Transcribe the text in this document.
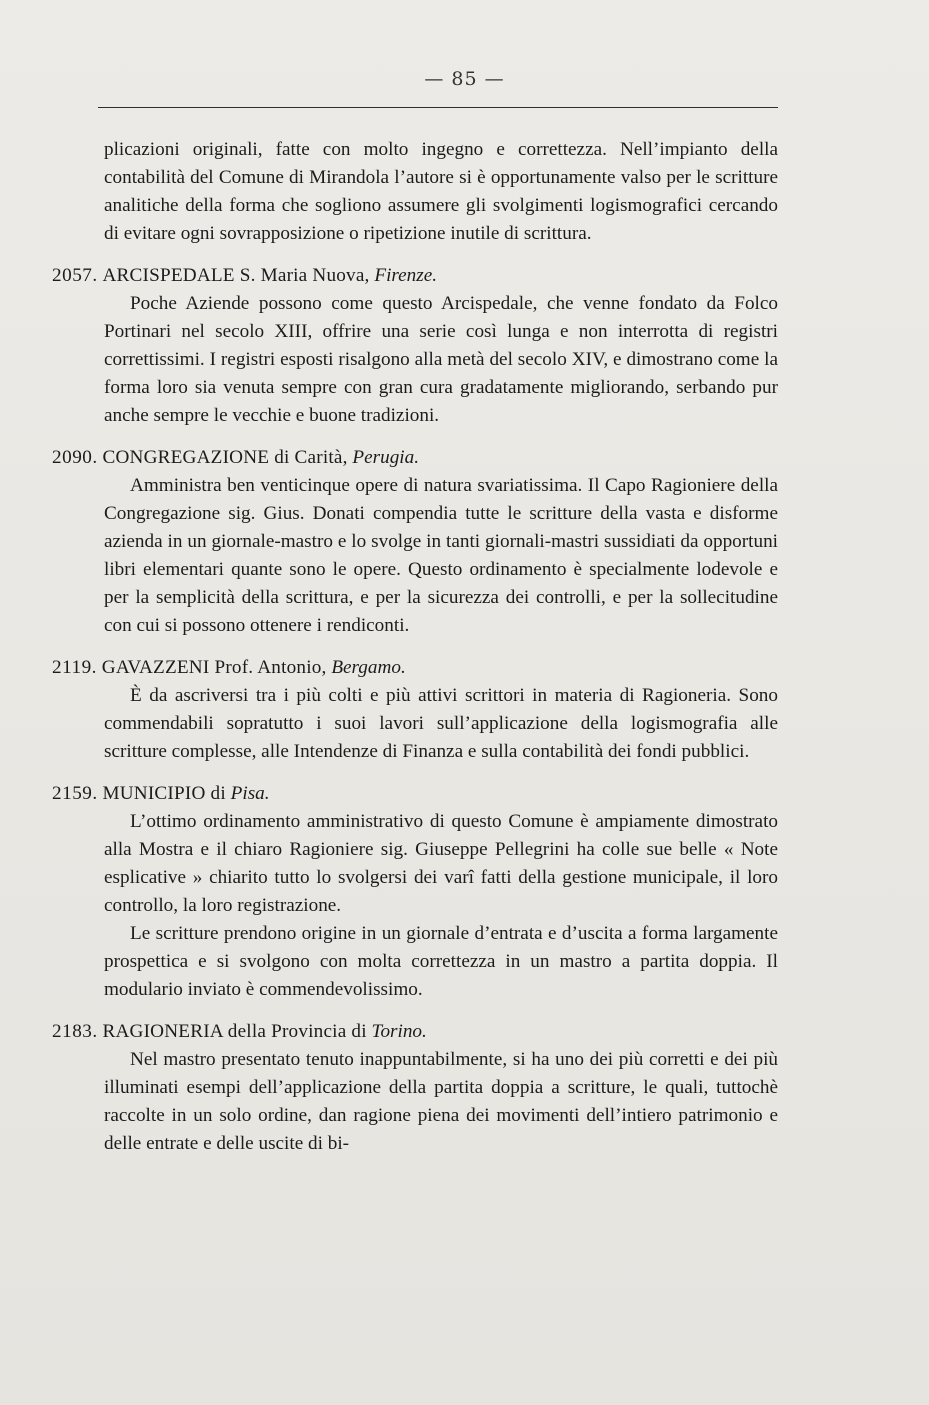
— 85 —

plicazioni originali, fatte con molto ingegno e correttezza. Nell’impianto della contabilità del Comune di Mirandola l’autore si è opportunamente valso per le scritture analitiche della forma che sogliono assumere gli svolgimenti logismografici cercando di evitare ogni sovrapposizione o ripetizione inutile di scrittura.

2057. ARCISPEDALE S. Maria Nuova, Firenze.

Poche Aziende possono come questo Arcispedale, che venne fondato da Folco Portinari nel secolo XIII, offrire una serie così lunga e non interrotta di registri correttissimi. I registri esposti risalgono alla metà del secolo XIV, e dimostrano come la forma loro sia venuta sempre con gran cura gradatamente migliorando, serbando pur anche sempre le vecchie e buone tradizioni.

2090. CONGREGAZIONE di Carità, Perugia.

Amministra ben venticinque opere di natura svariatissima. Il Capo Ragioniere della Congregazione sig. Gius. Donati compendia tutte le scritture della vasta e disforme azienda in un giornale-mastro e lo svolge in tanti giornali-mastri sussidiati da opportuni libri elementari quante sono le opere. Questo ordinamento è specialmente lodevole e per la semplicità della scrittura, e per la sicurezza dei controlli, e per la sollecitudine con cui si possono ottenere i rendiconti.

2119. GAVAZZENI Prof. Antonio, Bergamo.

È da ascriversi tra i più colti e più attivi scrittori in materia di Ragioneria. Sono commendabili sopratutto i suoi lavori sull’applicazione della logismografia alle scritture complesse, alle Intendenze di Finanza e sulla contabilità dei fondi pubblici.

2159. MUNICIPIO di Pisa.

L’ottimo ordinamento amministrativo di questo Comune è ampiamente dimostrato alla Mostra e il chiaro Ragioniere sig. Giuseppe Pellegrini ha colle sue belle « Note esplicative » chiarito tutto lo svolgersi dei varî fatti della gestione municipale, il loro controllo, la loro registrazione.

Le scritture prendono origine in un giornale d’entrata e d’uscita a forma largamente prospettica e si svolgono con molta correttezza in un mastro a partita doppia. Il modulario inviato è commendevolissimo.

2183. RAGIONERIA della Provincia di Torino.

Nel mastro presentato tenuto inappuntabilmente, si ha uno dei più corretti e dei più illuminati esempi dell’applicazione della partita doppia a scritture, le quali, tuttochè raccolte in un solo ordine, dan ragione piena dei movimenti dell’intiero patrimonio e delle entrate e delle uscite di bi-
